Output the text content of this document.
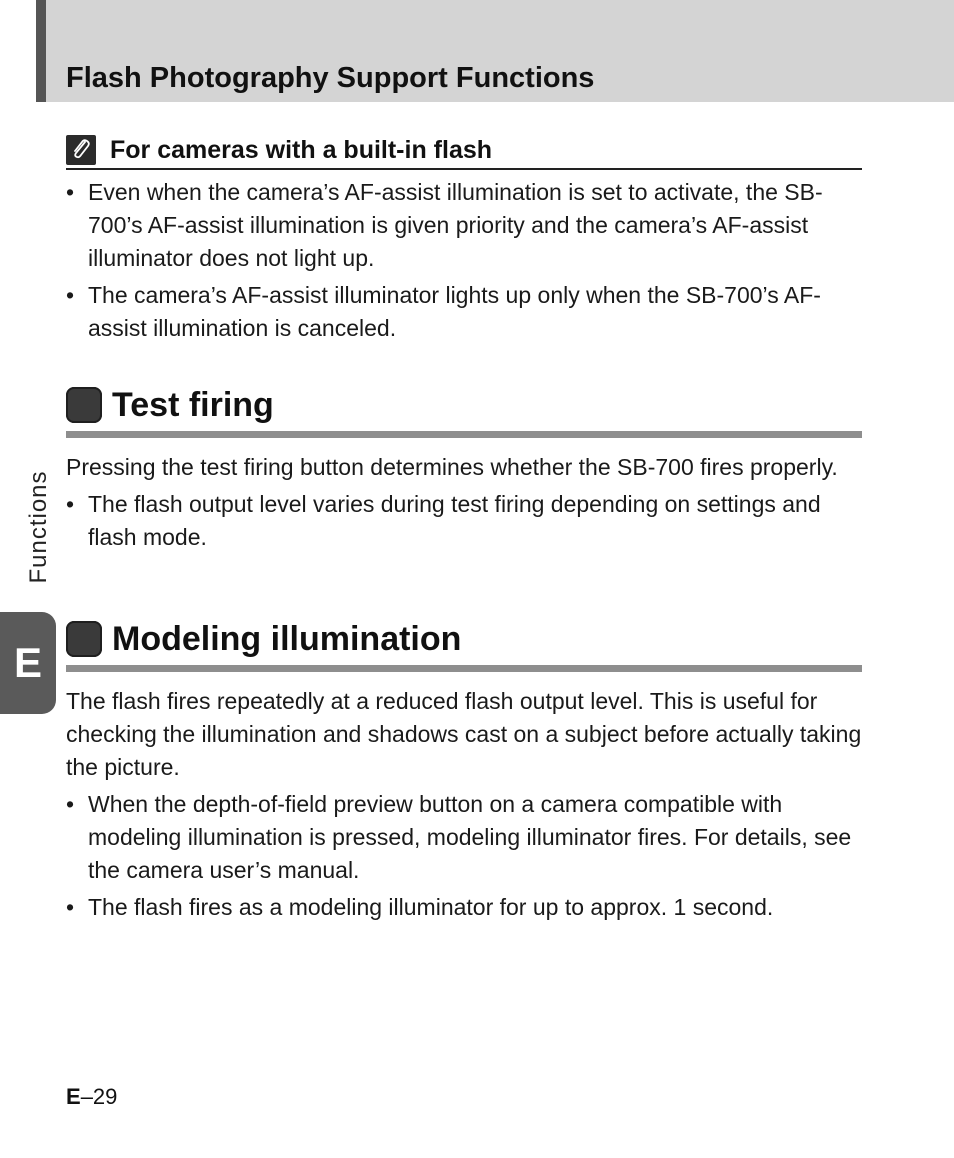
Flash Photography Support Functions
For cameras with a built-in flash
• Even when the camera’s AF-assist illumination is set to activate, the SB-700’s AF-assist illumination is given priority and the camera’s AF-assist illuminator does not light up.
• The camera’s AF-assist illuminator lights up only when the SB-700’s AF-assist illumination is canceled.
Test firing

Pressing the test firing button determines whether the SB-700 fires properly.

• The flash output level varies during test firing depending on settings and flash mode.
Modeling illumination

The flash fires repeatedly at a reduced flash output level. This is useful for checking the illumination and shadows cast on a subject before actually taking the picture.

• When the depth-of-field preview button on a camera compatible with modeling illumination is pressed, modeling illuminator fires. For details, see the camera user’s manual.
• The flash fires as a modeling illuminator for up to approx. 1 second.
Functions
E
E–29
